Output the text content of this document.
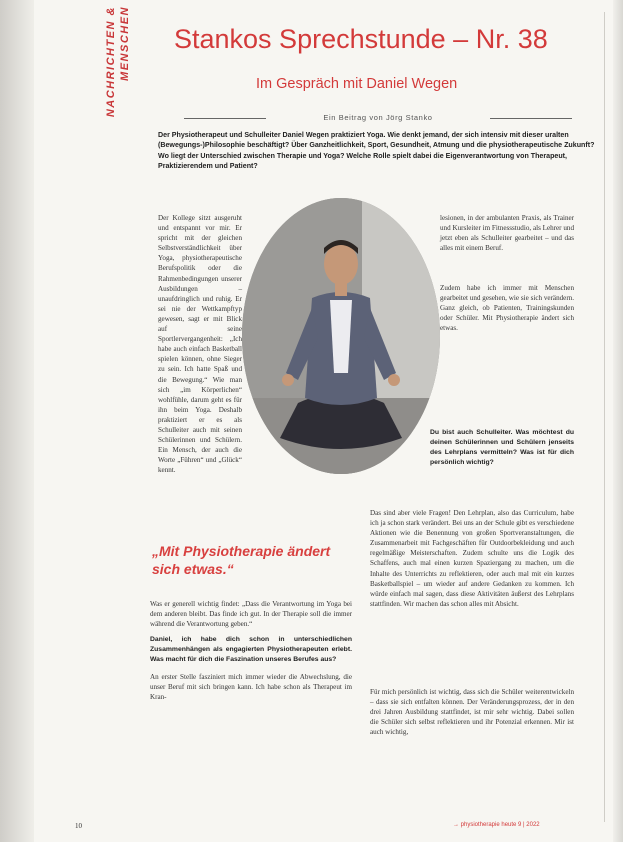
NACHRICHTEN & MENSCHEN Stankos Sprechstunde – Nr. 38
Im Gespräch mit Daniel Wegen
Ein Beitrag von Jörg Stanko
Der Physiotherapeut und Schulleiter Daniel Wegen praktiziert Yoga. Wie denkt jemand, der sich intensiv mit dieser uralten (Bewegungs-)Philosophie beschäftigt? Über Ganzheitlichkeit, Sport, Gesundheit, Atmung und die physiotherapeutische Zukunft? Wo liegt der Unterschied zwischen Therapie und Yoga? Welche Rolle spielt dabei die Eigenverantwortung von Therapeut, Praktizierendem und Patient?

Der Kollege sitzt ausgeruht und entspannt vor mir. Er spricht mit der gleichen Selbstverständlichkeit über Yoga, physiotherapeutische Berufspolitik oder die Rahmenbedingungen unserer Ausbildungen – unaufdringlich und ruhig. Er sei nie der Wettkampftyp gewesen, sagt er mit Blick auf seine Sportlervergangenheit: „Ich habe auch einfach Basketball spielen können, ohne Sieger zu sein. Ich hatte Spaß und die Bewegung.“ Wie man sich „im Körperlichen“ wohlfühle, darum geht es für ihn beim Yoga. Deshalb praktiziert er es als Schulleiter auch mit seinen Schülerinnen und Schülern. Ein Mensch, der auch die Worte „Führen“ und „Glück“ kennt.

lesionen, in der ambulanten Praxis, als Trainer und Kursleiter im Fitnessstudio, als Lehrer und jetzt eben als Schulleiter gearbeitet – und das alles mit einem Beruf.

Zudem habe ich immer mit Menschen gearbeitet und gesehen, wie sie sich verändern. Ganz gleich, ob Patienten, Trainingskunden oder Schüler. Mit Physiotherapie ändert sich etwas.

Du bist auch Schulleiter. Was möchtest du deinen Schülerinnen und Schülern jenseits des Lehrplans vermitteln? Was ist für dich persönlich wichtig?

„Mit Physiotherapie ändert sich etwas.“

Was er generell wichtig findet: „Dass die Verantwortung im Yoga bei dem anderen bleibt. Das finde ich gut. In der Therapie soll die immer während die Verantwortung geben.“

Daniel, ich habe dich schon in unterschiedlichen Zusammenhängen als engagierten Physiotherapeuten erlebt. Was macht für dich die Faszination unseres Berufes aus?

An erster Stelle fasziniert mich immer wieder die Abwechslung, die unser Beruf mit sich bringen kann. Ich habe schon als Therapeut im Kran-

Das sind aber viele Fragen! Den Lehrplan, also das Curriculum, habe ich ja schon stark verändert. Bei uns an der Schule gibt es verschiedene Aktionen wie die Benennung von großen Sportveranstaltungen, die Zusammenarbeit mit Fachgeschäften für Outdoorbekleidung und auch regelmäßige Meisterschaften. Zudem schulte uns die Logik des Schaffens, auch mal einen kurzen Spaziergang zu machen, um die Inhalte des Unterrichts zu reflektieren, oder auch mal mit ein kurzes Basketballspiel – um wieder auf andere Gedanken zu kommen. Ich würde einfach mal sagen, dass diese Aktivitäten äußerst des Lehrplans stattfinden. Wir machen das schon alles mit Absicht.

Für mich persönlich ist wichtig, dass sich die Schüler weiterentwickeln – dass sie sich entfalten können. Der Veränderungsprozess, der in den drei Jahren Ausbildung stattfindet, ist mir sehr wichtig. Dabei sollen die Schüler sich selbst reflektieren und ihr Potenzial erkennen. Mir ist auch wichtig,

10	→ physiotherapie heute 9 | 2022
